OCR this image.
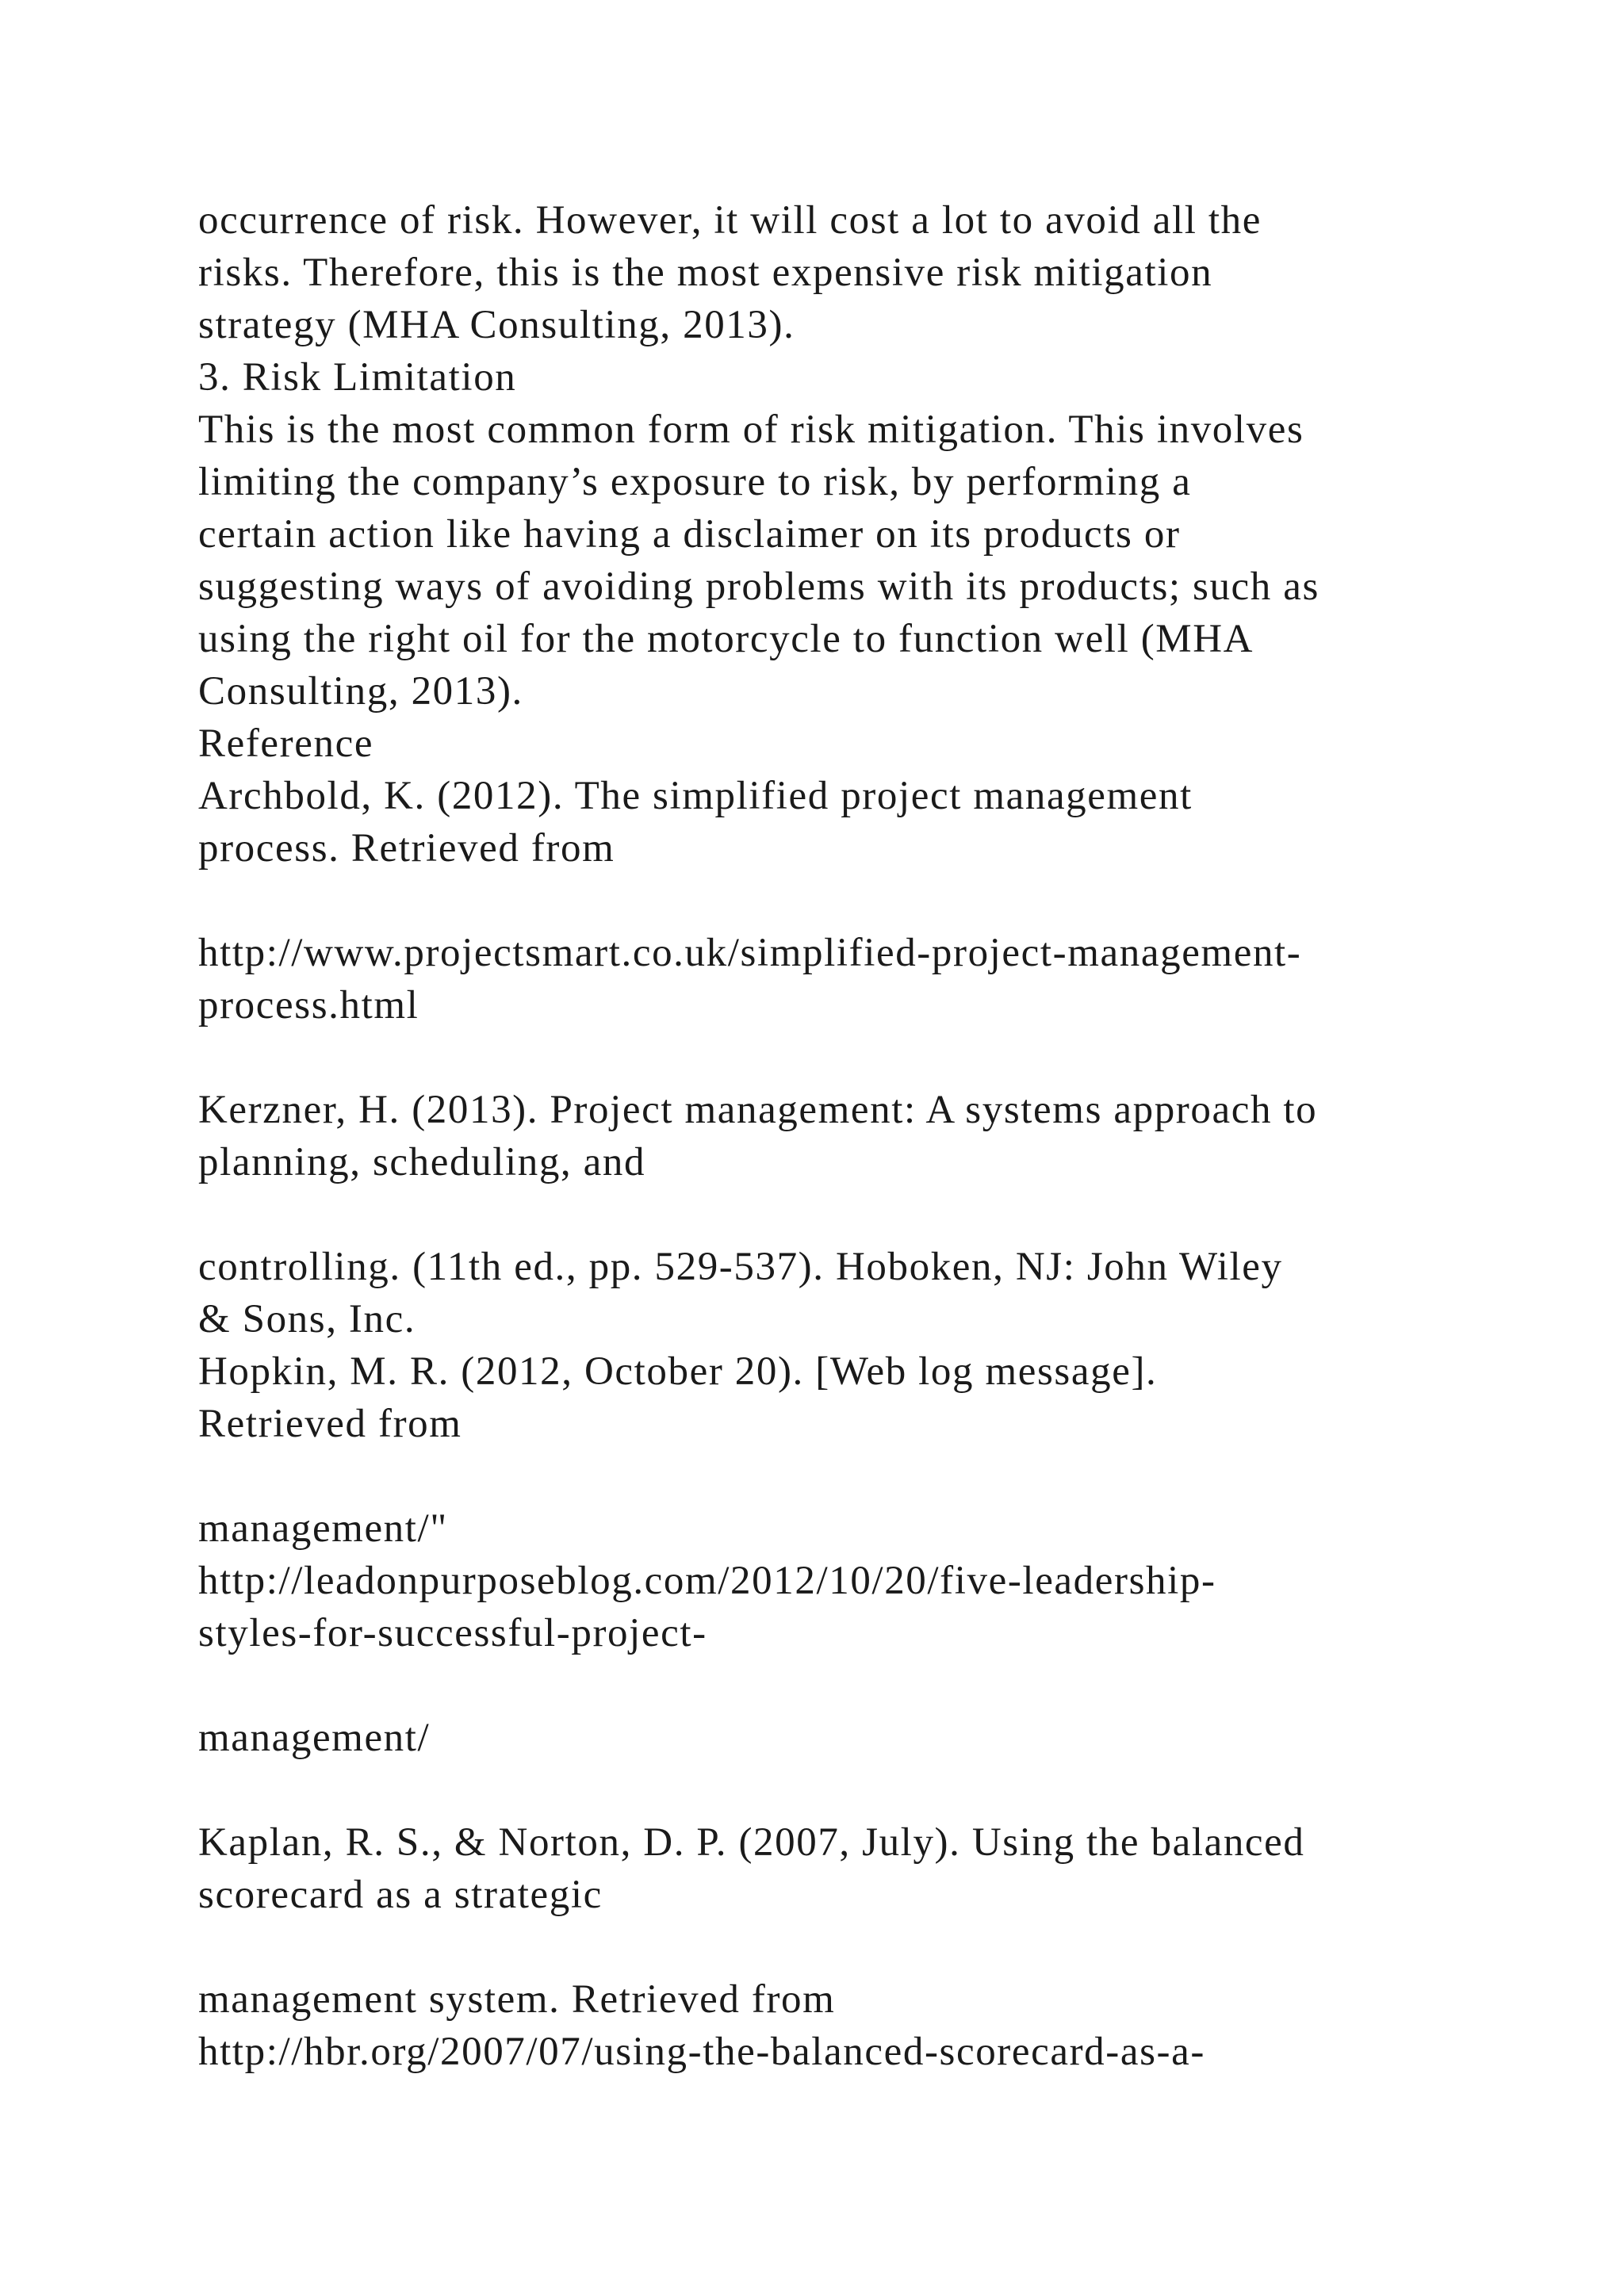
occurrence of risk. However, it will cost a lot to avoid all the
risks. Therefore, this is the most expensive risk mitigation
strategy (MHA Consulting, 2013).
3. Risk Limitation
This is the most common form of risk mitigation. This involves
limiting the company’s exposure to risk, by performing a
certain action like having a disclaimer on its products or
suggesting ways of avoiding problems with its products; such as
using the right oil for the motorcycle to function well (MHA
Consulting, 2013).
Reference
Archbold, K. (2012). The simplified project management
process. Retrieved from
http://www.projectsmart.co.uk/simplified-project-management-
process.html
Kerzner, H. (2013). Project management: A systems approach to
planning, scheduling, and
controlling. (11th ed., pp. 529-537). Hoboken, NJ: John Wiley
& Sons, Inc.
Hopkin, M. R. (2012, October 20). [Web log message].
Retrieved from
management/"
http://leadonpurposeblog.com/2012/10/20/five-leadership-
styles-for-successful-project-
management/
Kaplan, R. S., & Norton, D. P. (2007, July). Using the balanced
scorecard as a strategic
management system. Retrieved from
http://hbr.org/2007/07/using-the-balanced-scorecard-as-a-
